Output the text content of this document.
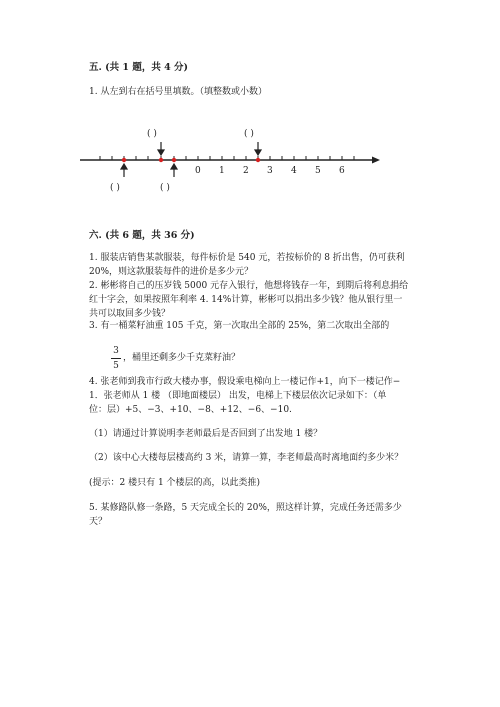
五. (共 1 题，共 4 分)
1. 从左到右在括号里填数。（填整数或小数）
( )	( )
( )	( )
0 1 2 3 4 5 6
六. (共 6 题，共 36 分)
1. 服装店销售某款服装，每件标价是 540 元，若按标价的 8 折出售，仍可获利
20%，则这款服装每件的进价是多少元？
2. 彬彬将自己的压岁钱 5000 元存入银行，他想将钱存一年，到期后将利息捐给
红十字会，如果按照年利率 4. 14%计算，彬彬可以捐出多少钱？他从银行里一
共可以取回多少钱？
3. 有一桶菜籽油重 105 千克，第一次取出全部的 25%，第二次取出全部的
3
5
，桶里还剩多少千克菜籽油？
4. 张老师到我市行政大楼办事，假设乘电梯向上一楼记作+1，向下一楼记作−
1．张老师从 1 楼 （即地面楼层） 出发，电梯上下楼层依次记录如下：（单
位：层）+5、−3、+10、−8、+12、−6、−10.
（1）请通过计算说明李老师最后是否回到了出发地 1 楼？
（2）该中心大楼每层楼高约 3 米，请算一算，李老师最高时离地面约多少米？
(提示：2 楼只有 1 个楼层的高，以此类推)
5. 某修路队修一条路，5 天完成全长的 20%，照这样计算，完成任务还需多少
天？
